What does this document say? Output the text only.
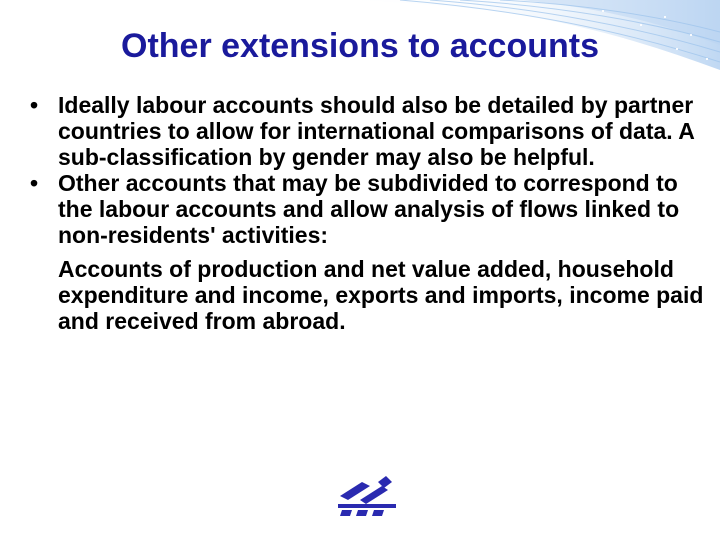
Other extensions to accounts
• Ideally labour accounts should also be detailed by partner countries to allow for international comparisons of data. A sub-classification by gender may also be helpful.
• Other accounts that may be subdivided to correspond to the labour accounts and allow analysis of flows linked to non-residents' activities:
Accounts of production and net value added, household expenditure and income, exports and imports, income paid and received from abroad.
